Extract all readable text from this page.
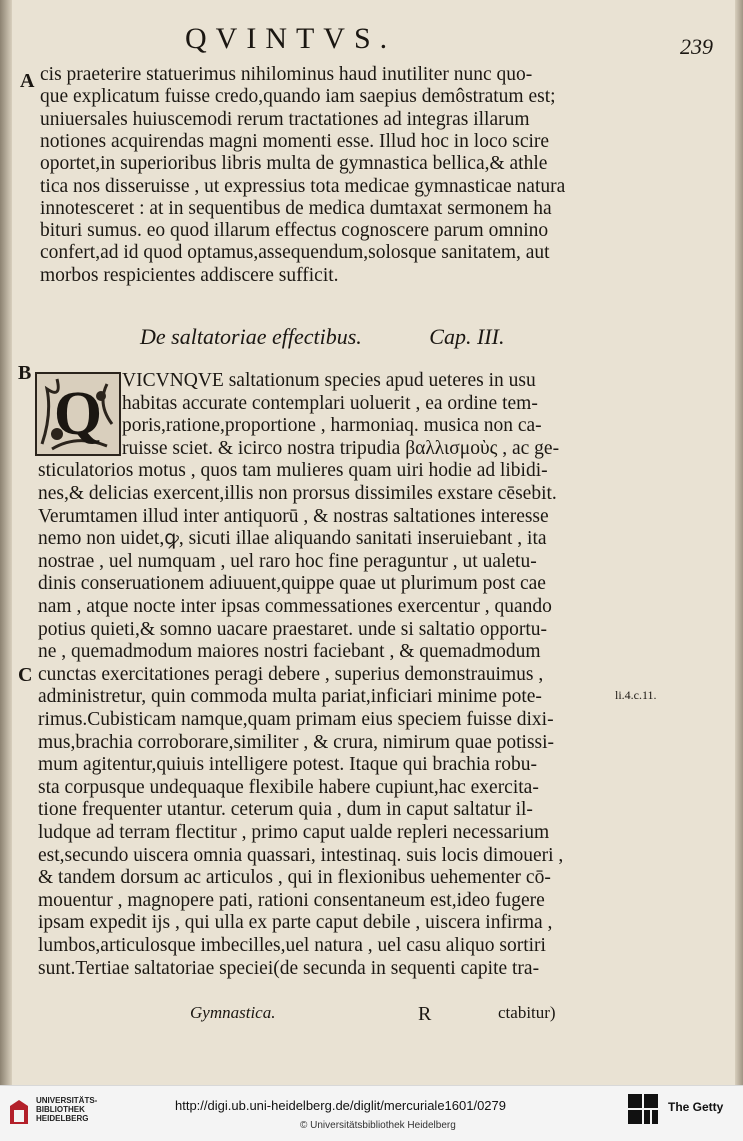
QVINTVS.	239
A
B
C
cis praeterire statuerimus nihilominus haud inutiliter nunc quo-
que explicatum fuisse credo,quando iam saepius demôstratum est;
uniuersales huiuscemodi rerum tractationes ad integras illarum
notiones acquirendas magni momenti esse. Illud hoc in loco scire
oportet,in superioribus libris multa de gymnastica bellica,& athle
tica nos disseruisse , ut expressius tota medicae gymnasticae natura
innotesceret : at in sequentibus de medica dumtaxat sermonem ha
bituri sumus. eo quod illarum effectus cognoscere parum omnino
confert,ad id quod optamus,assequendum,solosque sanitatem, aut
morbos respicientes addiscere sufficit.
De saltatoriae effectibus.	Cap. III.
Q VICVNQVE saltationum species apud ueteres in usu
habitas accurate contemplari uoluerit , ea ordine tem-
poris,ratione,proportione , harmoniaq. musica non ca-
ruisse sciet. & icirco nostra tripudia βαλλισμοὺς , ac ge-
sticulatorios motus , quos tam mulieres quam uiri hodie ad libidi-
nes,& delicias exercent,illis non prorsus dissimiles exstare cēsebit.
Verumtamen illud inter antiquorū , & nostras saltationes interesse
nemo non uidet,ꝙ, sicuti illae aliquando sanitati inseruiebant , ita
nostrae , uel numquam , uel raro hoc fine peraguntur , ut ualetu-
dinis conseruationem adiuuent,quippe quae ut plurimum post cae
nam , atque nocte inter ipsas commessationes exercentur , quando
potius quieti,& somno uacare praestaret. unde si saltatio opportu-
ne , quemadmodum maiores nostri faciebant , & quemadmodum
cunctas exercitationes peragi debere , superius demonstrauimus ,
administretur, quin commoda multa pariat,inficiari minime pote-
rimus.Cubisticam namque,quam primam eius speciem fuisse dixi-
mus,brachia corroborare,similiter , & crura, nimirum quae potissi-
mum agitentur,quiuis intelligere potest. Itaque qui brachia robu-
sta corpusque undequaque flexibile habere cupiunt,hac exercita-
tione frequenter utantur. ceterum quia , dum in caput saltatur il-
ludque ad terram flectitur , primo caput ualde repleri necessarium
est,secundo uiscera omnia quassari, intestinaq. suis locis dimoueri ,
& tandem dorsum ac articulos , qui in flexionibus uehementer cō-
mouentur , magnopere pati, rationi consentaneum est,ideo fugere
ipsam expedit ijs , qui ulla ex parte caput debile , uiscera infirma ,
lumbos,articulosque imbecilles,uel natura , uel casu aliquo sortiri
sunt.Tertiae saltatoriae speciei(de secunda in sequenti capite tra-
li.4.c.11.
Gymnastica.	R	ctabitur)
UNIVERSITÄTS-
BIBLIOTHEK
HEIDELBERG
http://digi.ub.uni-heidelberg.de/diglit/mercuriale1601/0279
© Universitätsbibliothek Heidelberg
The Getty
